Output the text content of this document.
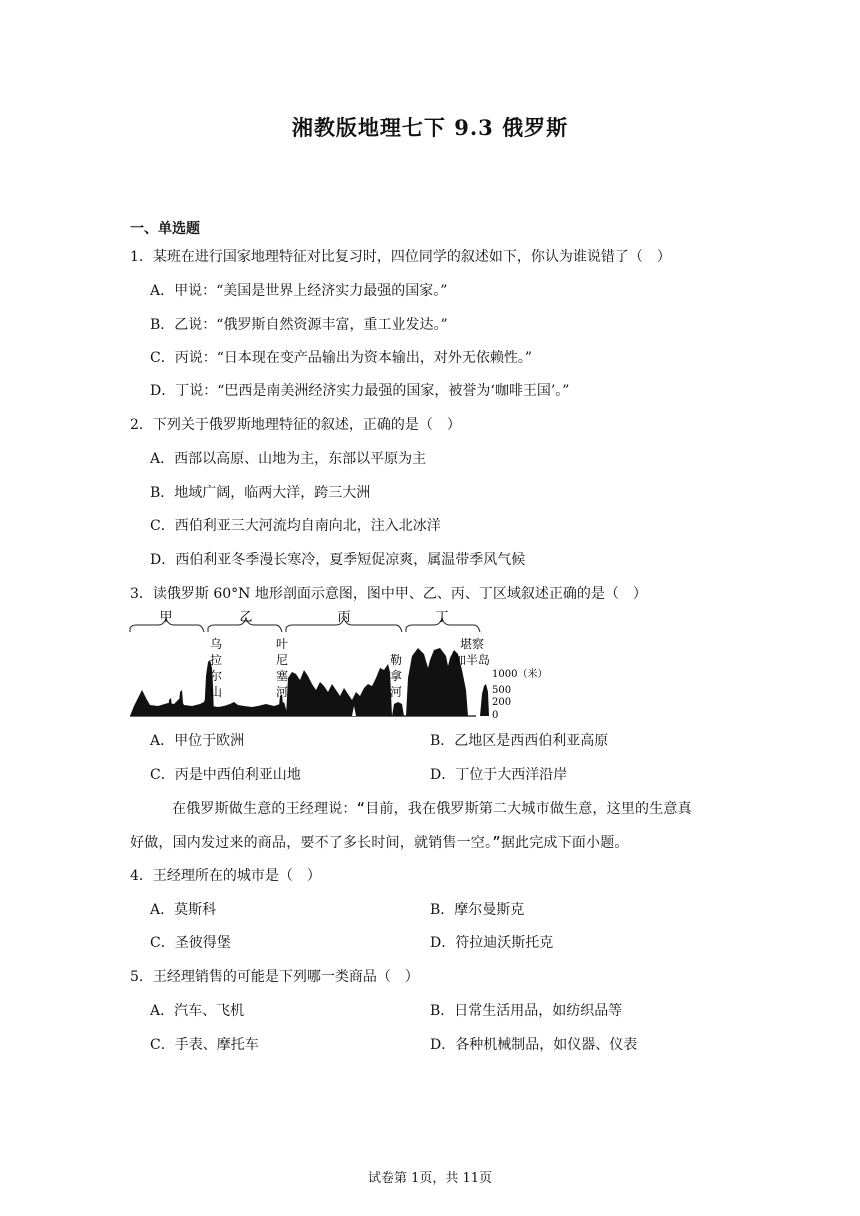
湘教版地理七下 9.3 俄罗斯
一、单选题
1．某班在进行国家地理特征对比复习时，四位同学的叙述如下，你认为谁说错了（　）
A．甲说：“美国是世界上经济实力最强的国家。”
B．乙说：“俄罗斯自然资源丰富，重工业发达。”
C．丙说：“日本现在变产品输出为资本输出，对外无依赖性。”
D．丁说：“巴西是南美洲经济实力最强的国家，被誉为‘咖啡王国’。”
2．下列关于俄罗斯地理特征的叙述，正确的是（　）
A．西部以高原、山地为主，东部以平原为主
B．地域广阔，临两大洋，跨三大洲
C．西伯利亚三大河流均自南向北，注入北冰洋
D．西伯利亚冬季漫长寒冷，夏季短促凉爽，属温带季风气候
3．读俄罗斯 60°N 地形剖面示意图，图中甲、乙、丙、丁区域叙述正确的是（　）
甲	乙	丙	丁
乌
拉
尔
山
叶
尼
塞
河
勒
拿
河
堪察
加半岛
1000（米）
500
200
0
A．甲位于欧洲	B．乙地区是西西伯利亚高原
C．丙是中西伯利亚山地	D．丁位于大西洋沿岸
在俄罗斯做生意的王经理说：“目前，我在俄罗斯第二大城市做生意，这里的生意真
好做，国内发过来的商品，要不了多长时间，就销售一空。”据此完成下面小题。
4．王经理所在的城市是（　）
A．莫斯科	B．摩尔曼斯克
C．圣彼得堡	D．符拉迪沃斯托克
5．王经理销售的可能是下列哪一类商品（　）
A．汽车、飞机	B．日常生活用品，如纺织品等
C．手表、摩托车	D．各种机械制品，如仪器、仪表
试卷第 1页，共 11页
